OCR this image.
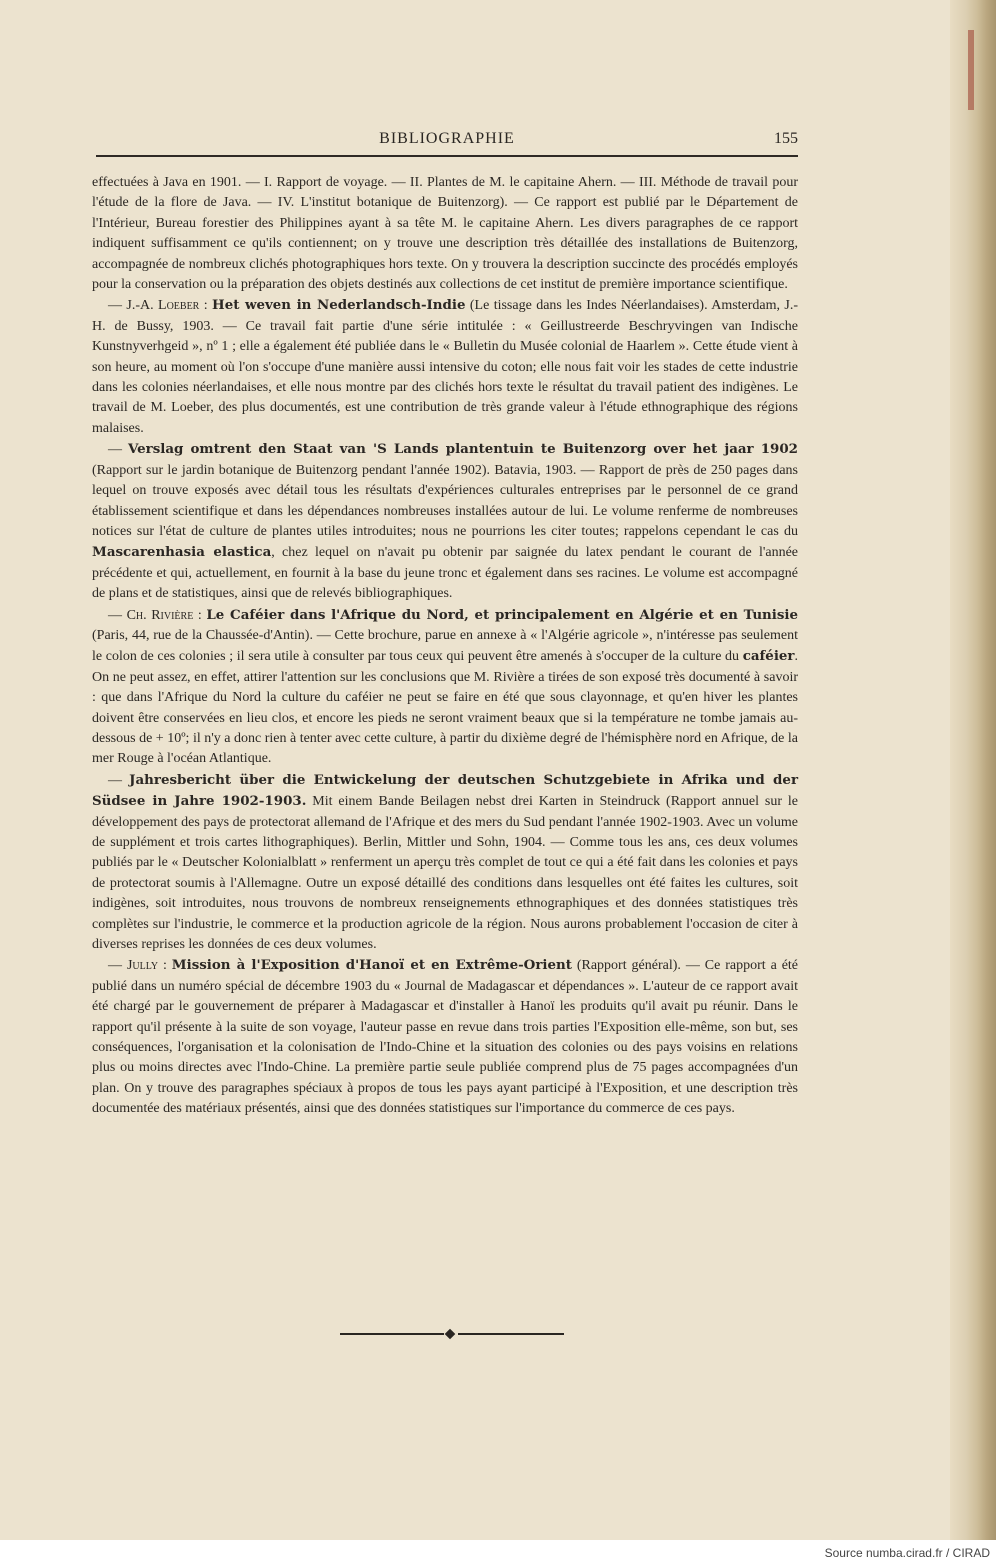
BIBLIOGRAPHIE	155

effectuées à Java en 1901. — I. Rapport de voyage. — II. Plantes de M. le capitaine Ahern. — III. Méthode de travail pour l'étude de la flore de Java. — IV. L'institut botanique de Buitenzorg). — Ce rapport est publié par le Département de l'Intérieur, Bureau forestier des Philippines ayant à sa tête M. le capitaine Ahern. Les divers paragraphes de ce rapport indiquent suffisamment ce qu'ils contiennent; on y trouve une description très détaillée des installations de Buitenzorg, accompagnée de nombreux clichés photographiques hors texte. On y trouvera la description succincte des procédés employés pour la conservation ou la préparation des objets destinés aux collections de cet institut de première importance scientifique.

— J.-A. Loeber : Het weven in Nederlandsch-Indie (Le tissage dans les Indes Néerlandaises). Amsterdam, J.-H. de Bussy, 1903. — Ce travail fait partie d'une série intitulée : « Geillustreerde Beschryvingen van Indische Kunstnyverhgeid », nº 1 ; elle a également été publiée dans le « Bulletin du Musée colonial de Haarlem ». Cette étude vient à son heure, au moment où l'on s'occupe d'une manière aussi intensive du coton; elle nous fait voir les stades de cette industrie dans les colonies néerlandaises, et elle nous montre par des clichés hors texte le résultat du travail patient des indigènes. Le travail de M. Loeber, des plus documentés, est une contribution de très grande valeur à l'étude ethnographique des régions malaises.

— Verslag omtrent den Staat van 'S Lands plantentuin te Buitenzorg over het jaar 1902 (Rapport sur le jardin botanique de Buitenzorg pendant l'année 1902). Batavia, 1903. — Rapport de près de 250 pages dans lequel on trouve exposés avec détail tous les résultats d'expériences culturales entreprises par le personnel de ce grand établissement scientifique et dans les dépendances nombreuses installées autour de lui. Le volume renferme de nombreuses notices sur l'état de culture de plantes utiles introduites; nous ne pourrions les citer toutes; rappelons cependant le cas du Mascarenhasia elastica, chez lequel on n'avait pu obtenir par saignée du latex pendant le courant de l'année précédente et qui, actuellement, en fournit à la base du jeune tronc et également dans ses racines. Le volume est accompagné de plans et de statistiques, ainsi que de relevés bibliographiques.

— Ch. Rivière : Le Caféier dans l'Afrique du Nord, et principalement en Algérie et en Tunisie (Paris, 44, rue de la Chaussée-d'Antin). — Cette brochure, parue en annexe à « l'Algérie agricole », n'intéresse pas seulement le colon de ces colonies ; il sera utile à consulter par tous ceux qui peuvent être amenés à s'occuper de la culture du caféier. On ne peut assez, en effet, attirer l'attention sur les conclusions que M. Rivière a tirées de son exposé très documenté à savoir : que dans l'Afrique du Nord la culture du caféier ne peut se faire en été que sous clayonnage, et qu'en hiver les plantes doivent être conservées en lieu clos, et encore les pieds ne seront vraiment beaux que si la température ne tombe jamais au-dessous de + 10º; il n'y a donc rien à tenter avec cette culture, à partir du dixième degré de l'hémisphère nord en Afrique, de la mer Rouge à l'océan Atlantique.

— Jahresbericht über die Entwickelung der deutschen Schutzgebiete in Afrika und der Südsee in Jahre 1902-1903. Mit einem Bande Beilagen nebst drei Karten in Steindruck (Rapport annuel sur le développement des pays de protectorat allemand de l'Afrique et des mers du Sud pendant l'année 1902-1903. Avec un volume de supplément et trois cartes lithographiques). Berlin, Mittler und Sohn, 1904. — Comme tous les ans, ces deux volumes publiés par le « Deutscher Kolonialblatt » renferment un aperçu très complet de tout ce qui a été fait dans les colonies et pays de protectorat soumis à l'Allemagne. Outre un exposé détaillé des conditions dans lesquelles ont été faites les cultures, soit indigènes, soit introduites, nous trouvons de nombreux renseignements ethnographiques et des données statistiques très complètes sur l'industrie, le commerce et la production agricole de la région. Nous aurons probablement l'occasion de citer à diverses reprises les données de ces deux volumes.

— Jully : Mission à l'Exposition d'Hanoï et en Extrême-Orient (Rapport général). — Ce rapport a été publié dans un numéro spécial de décembre 1903 du « Journal de Madagascar et dépendances ». L'auteur de ce rapport avait été chargé par le gouvernement de préparer à Madagascar et d'installer à Hanoï les produits qu'il avait pu réunir. Dans le rapport qu'il présente à la suite de son voyage, l'auteur passe en revue dans trois parties l'Exposition elle-même, son but, ses conséquences, l'organisation et la colonisation de l'Indo-Chine et la situation des colonies ou des pays voisins en relations plus ou moins directes avec l'Indo-Chine. La première partie seule publiée comprend plus de 75 pages accompagnées d'un plan. On y trouve des paragraphes spéciaux à propos de tous les pays ayant participé à l'Exposition, et une description très documentée des matériaux présentés, ainsi que des données statistiques sur l'importance du commerce de ces pays.

Source numba.cirad.fr / CIRAD
